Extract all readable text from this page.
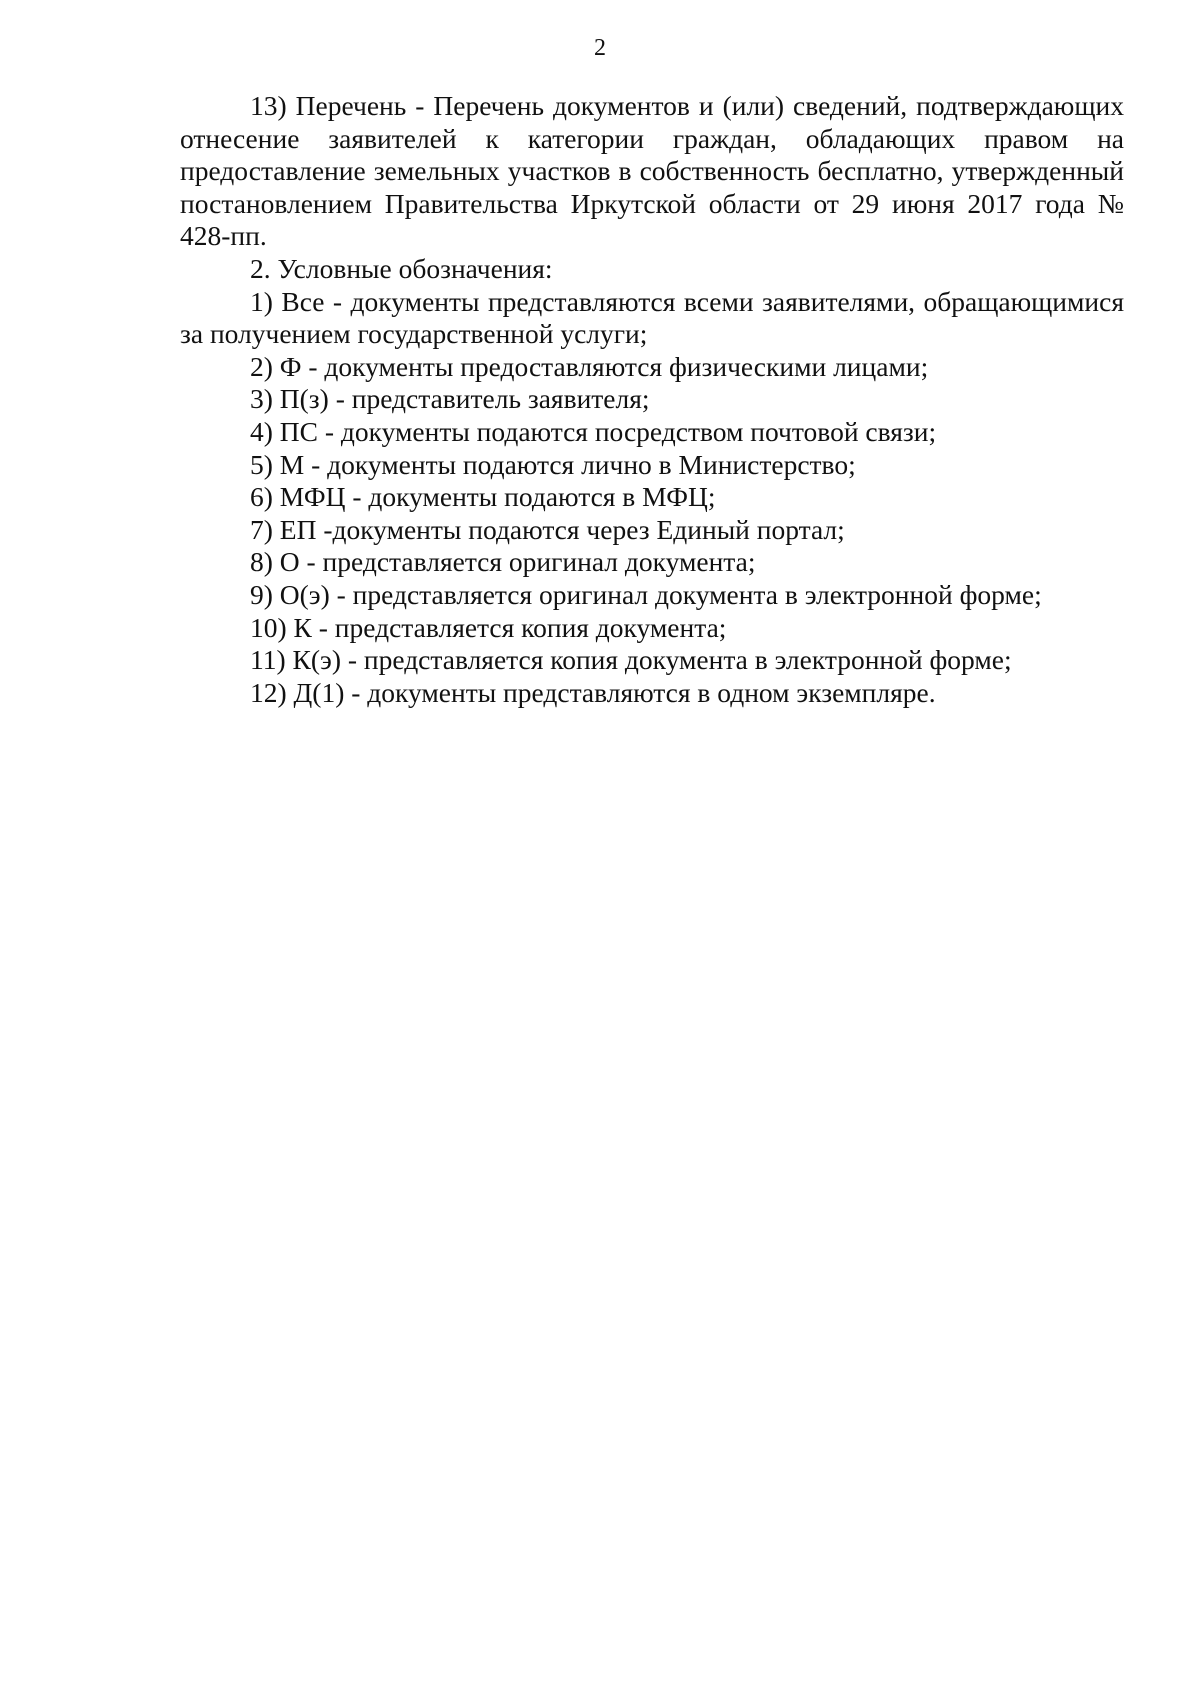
2

13) Перечень - Перечень документов и (или) сведений, подтверждающих отнесение заявителей к категории граждан, обладающих правом на предоставление земельных участков в собственность бесплатно, утвержденный постановлением Правительства Иркутской области от 29 июня 2017 года № 428-пп.

2. Условные обозначения:

1) Все - документы представляются всеми заявителями, обращающимися за получением государственной услуги;

2) Ф - документы предоставляются физическими лицами;

3) П(з) - представитель заявителя;

4) ПС - документы подаются посредством почтовой связи;

5) М - документы подаются лично в Министерство;

6) МФЦ - документы подаются в МФЦ;

7) ЕП -документы подаются через Единый портал;

8) О - представляется оригинал документа;

9) О(э) - представляется оригинал документа в электронной форме;

10) К - представляется копия документа;

11) К(э) - представляется копия документа в электронной форме;

12) Д(1) - документы представляются в одном экземпляре.
